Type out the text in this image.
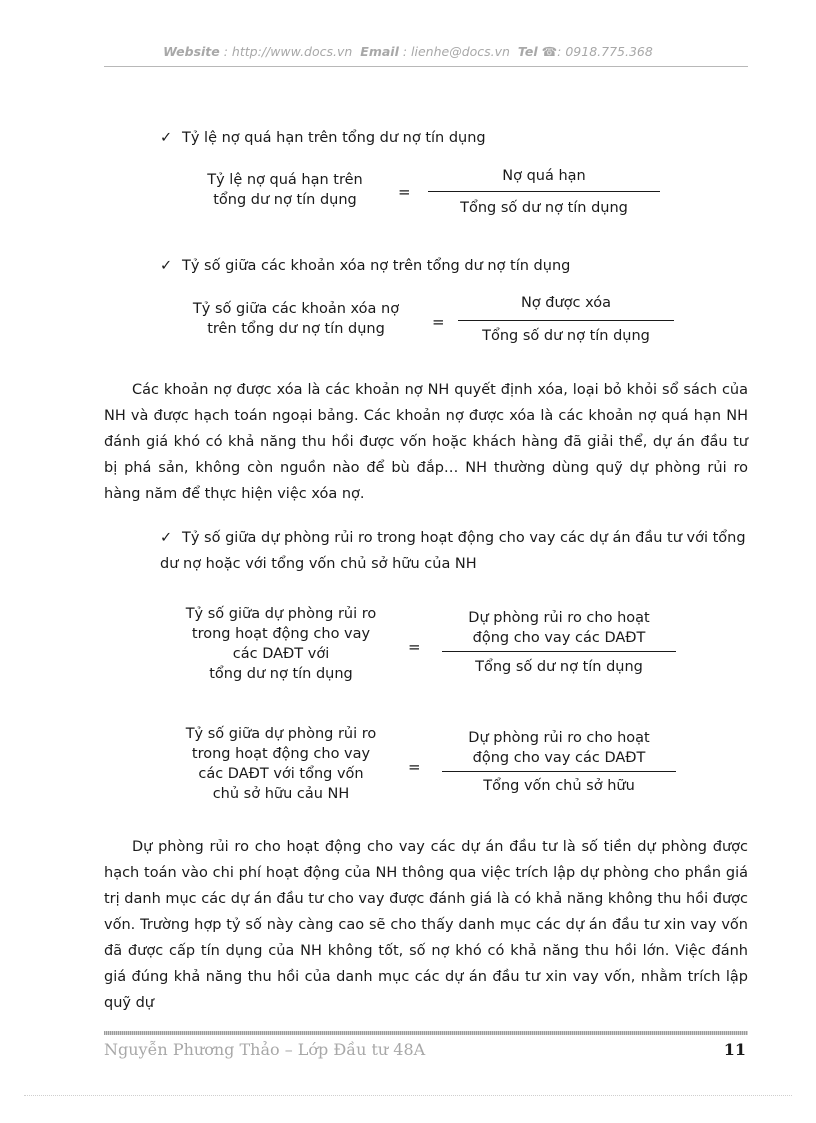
Website : http://www.docs.vn Email : lienhe@docs.vn Tel ☎: 0918.775.368
✓ Tỷ lệ nợ quá hạn trên tổng dư nợ tín dụng
Tỷ lệ nợ quá hạn trên
tổng dư nợ tín dụng	=
Nợ quá hạn
Tổng số dư nợ tín dụng
✓ Tỷ số giữa các khoản xóa nợ trên tổng dư nợ tín dụng
Tỷ số giữa các khoản xóa nợ
trên tổng dư nợ tín dụng	=
Nợ được xóa
Tổng số dư nợ tín dụng
Các khoản nợ được xóa là các khoản nợ NH quyết định xóa, loại bỏ khỏi sổ sách của NH và được hạch toán ngoại bảng. Các khoản nợ được xóa là các khoản nợ quá hạn NH đánh giá khó có khả năng thu hồi được vốn hoặc khách hàng đã giải thể, dự án đầu tư bị phá sản, không còn nguồn nào để bù đắp… NH thường dùng quỹ dự phòng rủi ro hàng năm để thực hiện việc xóa nợ.
✓ Tỷ số giữa dự phòng rủi ro trong hoạt động cho vay các dự án đầu tư với tổng dư nợ hoặc với tổng vốn chủ sở hữu của NH
Tỷ số giữa dự phòng rủi ro
trong hoạt động cho vay
các DAĐT với
tổng dư nợ tín dụng
=
Dự phòng rủi ro cho hoạt
động cho vay các DAĐT
Tổng số dư nợ tín dụng
Tỷ số giữa dự phòng rủi ro
trong hoạt động cho vay
các DAĐT với tổng vốn
chủ sở hữu cảu NH
=
Dự phòng rủi ro cho hoạt
động cho vay các DAĐT
Tổng vốn chủ sở hữu
Dự phòng rủi ro cho hoạt động cho vay các dự án đầu tư là số tiền dự phòng được hạch toán vào chi phí hoạt động của NH thông qua việc trích lập dự phòng cho phần giá trị danh mục các dự án đầu tư cho vay được đánh giá là có khả năng không thu hồi được vốn. Trường hợp tỷ số này càng cao sẽ cho thấy danh mục các dự án đầu tư xin vay vốn đã được cấp tín dụng của NH không tốt, số nợ khó có khả năng thu hồi lớn. Việc đánh giá đúng khả năng thu hồi của danh mục các dự án đầu tư xin vay vốn, nhằm trích lập quỹ dự
Nguyễn Phương Thảo – Lớp Đầu tư 48A	11
